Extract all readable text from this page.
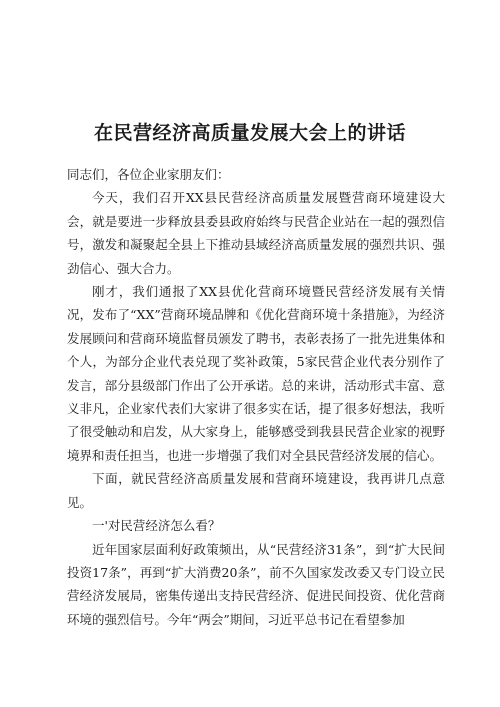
在民营经济高质量发展大会上的讲话

同志们，各位企业家朋友们：

今天，我们召开XX县民营经济高质量发展暨营商环境建设大会，就是要进一步释放县委县政府始终与民营企业站在一起的强烈信号，激发和凝聚起全县上下推动县域经济高质量发展的强烈共识、强劲信心、强大合力。

刚才，我们通报了XX县优化营商环境暨民营经济发展有关情况，发布了“XX”营商环境品牌和《优化营商环境十条措施》，为经济发展顾问和营商环境监督员颁发了聘书，表彰表扬了一批先进集体和个人，为部分企业代表兑现了奖补政策，5家民营企业代表分别作了发言，部分县级部门作出了公开承诺。总的来讲，活动形式丰富、意义非凡，企业家代表们大家讲了很多实在话，提了很多好想法，我听了很受触动和启发，从大家身上，能够感受到我县民营企业家的视野境界和责任担当，也进一步增强了我们对全县民营经济发展的信心。

下面，就民营经济高质量发展和营商环境建设，我再讲几点意见。

一'对民营经济怎么看？

近年国家层面利好政策频出，从“民营经济31条”，到“扩大民间投资17条”，再到“扩大消费20条”，前不久国家发改委又专门设立民营经济发展局，密集传递出支持民营经济、促进民间投资、优化营商环境的强烈信号。今年“两会”期间，习近平总书记在看望参加
